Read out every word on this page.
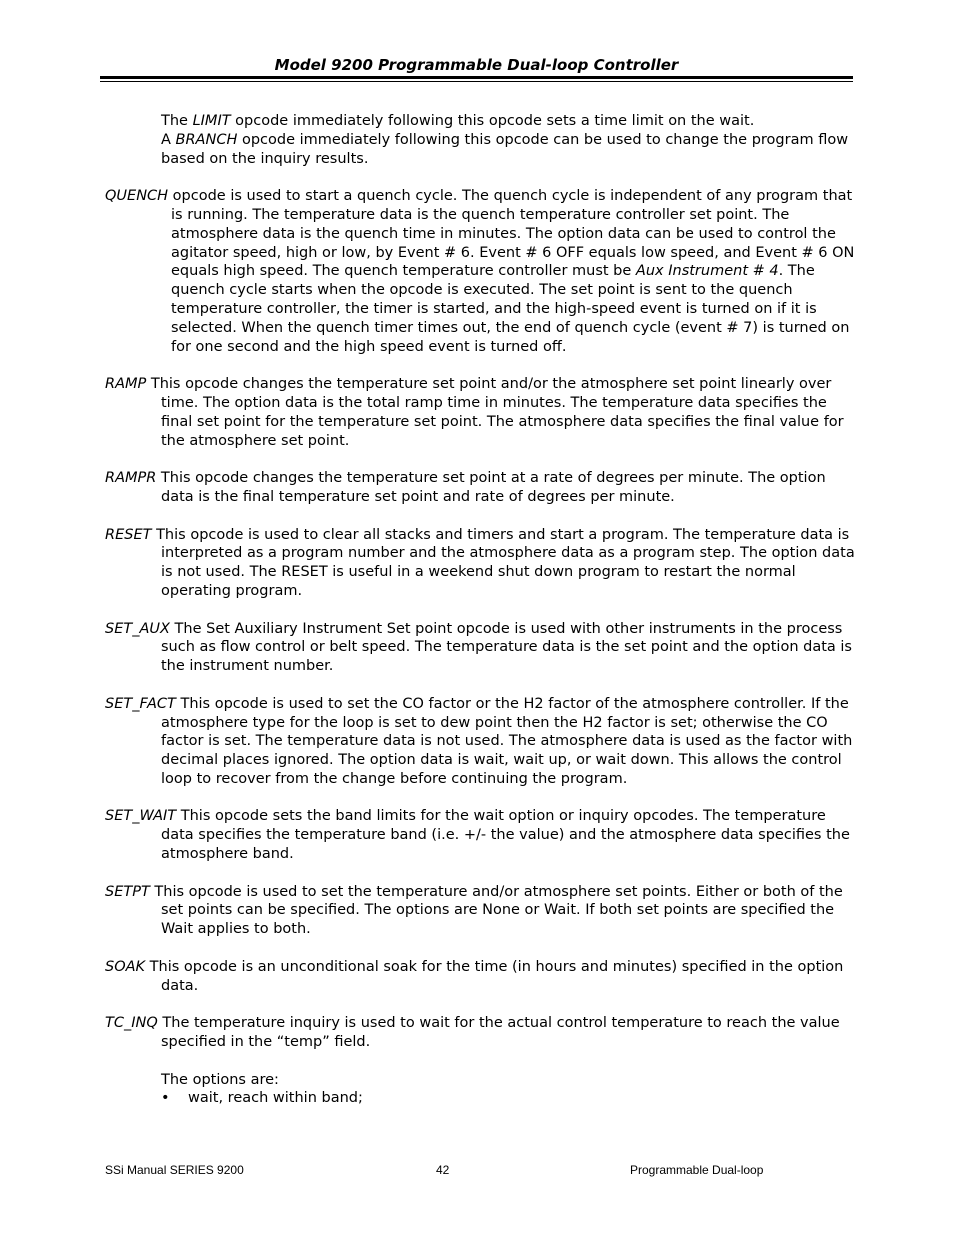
Model 9200 Programmable Dual-loop Controller

The LIMIT opcode immediately following this opcode sets a time limit on the wait.

A BRANCH opcode immediately following this opcode can be used to change the program flow based on the inquiry results.

QUENCH opcode is used to start a quench cycle. The quench cycle is independent of any program that is running. The temperature data is the quench temperature controller set point. The atmosphere data is the quench time in minutes. The option data can be used to control the agitator speed, high or low, by Event # 6. Event # 6 OFF equals low speed, and Event # 6 ON equals high speed. The quench temperature controller must be Aux Instrument # 4. The quench cycle starts when the opcode is executed. The set point is sent to the quench temperature controller, the timer is started, and the high-speed event is turned on if it is selected. When the quench timer times out, the end of quench cycle (event # 7) is turned on for one second and the high speed event is turned off.

RAMP This opcode changes the temperature set point and/or the atmosphere set point linearly over time. The option data is the total ramp time in minutes. The temperature data specifies the final set point for the temperature set point. The atmosphere data specifies the final value for the atmosphere set point.

RAMPR This opcode changes the temperature set point at a rate of degrees per minute. The option data is the final temperature set point and rate of degrees per minute.

RESET This opcode is used to clear all stacks and timers and start a program. The temperature data is interpreted as a program number and the atmosphere data as a program step. The option data is not used. The RESET is useful in a weekend shut down program to restart the normal operating program.

SET_AUX The Set Auxiliary Instrument Set point opcode is used with other instruments in the process such as flow control or belt speed. The temperature data is the set point and the option data is the instrument number.

SET_FACT This opcode is used to set the CO factor or the H2 factor of the atmosphere controller. If the atmosphere type for the loop is set to dew point then the H2 factor is set; otherwise the CO factor is set. The temperature data is not used. The atmosphere data is used as the factor with decimal places ignored. The option data is wait, wait up, or wait down. This allows the control loop to recover from the change before continuing the program.

SET_WAIT This opcode sets the band limits for the wait option or inquiry opcodes. The temperature data specifies the temperature band (i.e. +/- the value) and the atmosphere data specifies the atmosphere band.

SETPT This opcode is used to set the temperature and/or atmosphere set points. Either or both of the set points can be specified. The options are None or Wait. If both set points are specified the Wait applies to both.

SOAK This opcode is an unconditional soak for the time (in hours and minutes) specified in the option data.

TC_INQ The temperature inquiry is used to wait for the actual control temperature to reach the value specified in the “temp” field.

The options are:

• wait, reach within band;

SSi Manual SERIES 9200	42	Programmable Dual-loop
